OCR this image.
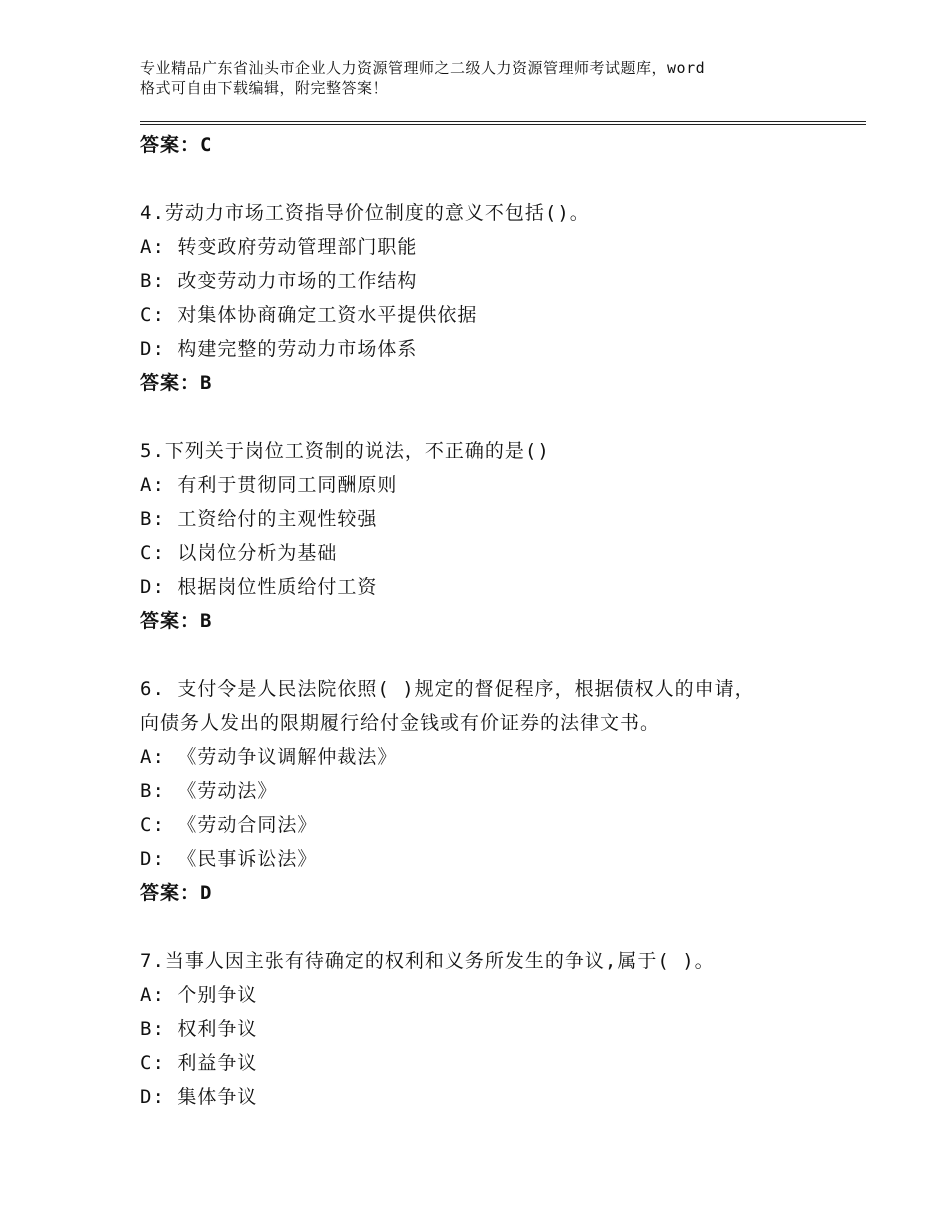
专业精品广东省汕头市企业人力资源管理师之二级人力资源管理师考试题库，word
格式可自由下载编辑，附完整答案！
答案：C
4.劳动力市场工资指导价位制度的意义不包括()。
A: 转变政府劳动管理部门职能
B: 改变劳动力市场的工作结构
C: 对集体协商确定工资水平提供依据
D: 构建完整的劳动力市场体系
答案：B
5.下列关于岗位工资制的说法，不正确的是()
A: 有利于贯彻同工同酬原则
B: 工资给付的主观性较强
C: 以岗位分析为基础
D: 根据岗位性质给付工资
答案：B
6. 支付令是人民法院依照( )规定的督促程序，根据债权人的申请，
向债务人发出的限期履行给付金钱或有价证券的法律文书。
A: 《劳动争议调解仲裁法》
B: 《劳动法》
C: 《劳动合同法》
D: 《民事诉讼法》
答案：D
7.当事人因主张有待确定的权利和义务所发生的争议,属于( )。
A: 个别争议
B: 权利争议
C: 利益争议
D: 集体争议
